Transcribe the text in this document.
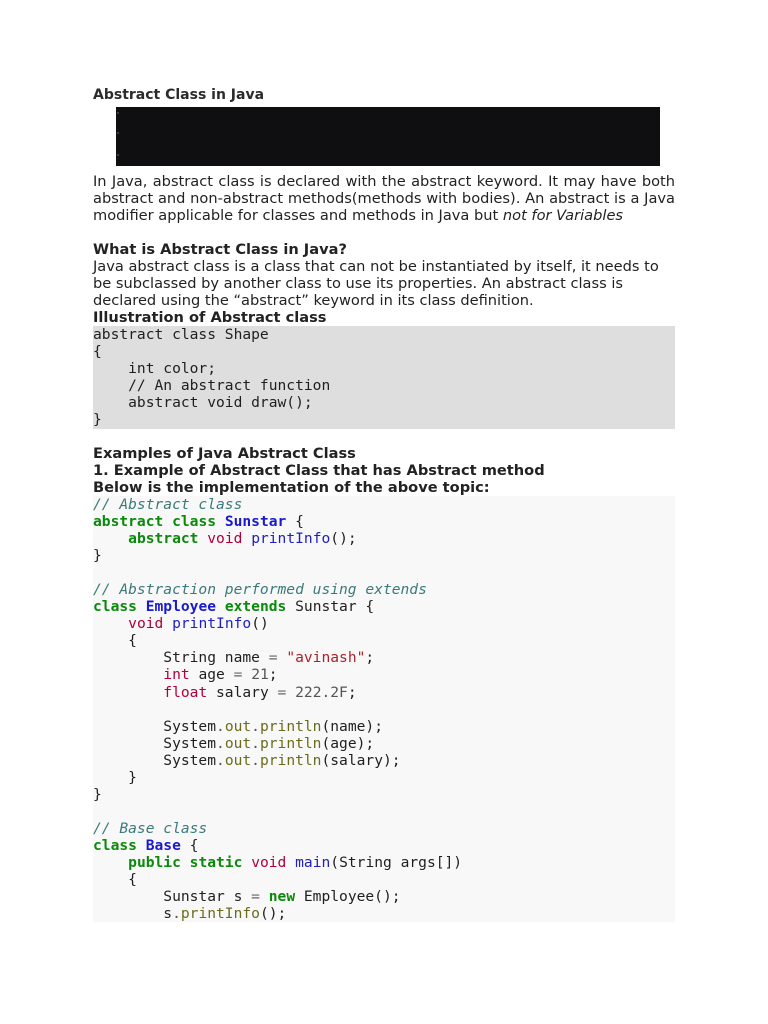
Abstract Class in Java
In Java, abstract class is declared with the abstract keyword. It may have both abstract and non-abstract methods(methods with bodies). An abstract is a Java modifier applicable for classes and methods in Java but not for Variables
What is Abstract Class in Java?
Java abstract class is a class that can not be instantiated by itself, it needs to be subclassed by another class to use its properties. An abstract class is declared using the “abstract” keyword in its class definition.
Illustration of Abstract class
abstract class Shape
{
int color;
// An abstract function
abstract void draw();
}
Examples of Java Abstract Class
1. Example of Abstract Class that has Abstract method
Below is the implementation of the above topic:
// Abstract class
abstract class Sunstar {
abstract void printInfo();
}

// Abstraction performed using extends
class Employee extends Sunstar {
void printInfo()
{
String name = "avinash";
int age = 21;
float salary = 222.2F;

System.out.println(name);
System.out.println(age);
System.out.println(salary);
}
}

// Base class
class Base {
public static void main(String args[])
{
Sunstar s = new Employee();
s.printInfo();
